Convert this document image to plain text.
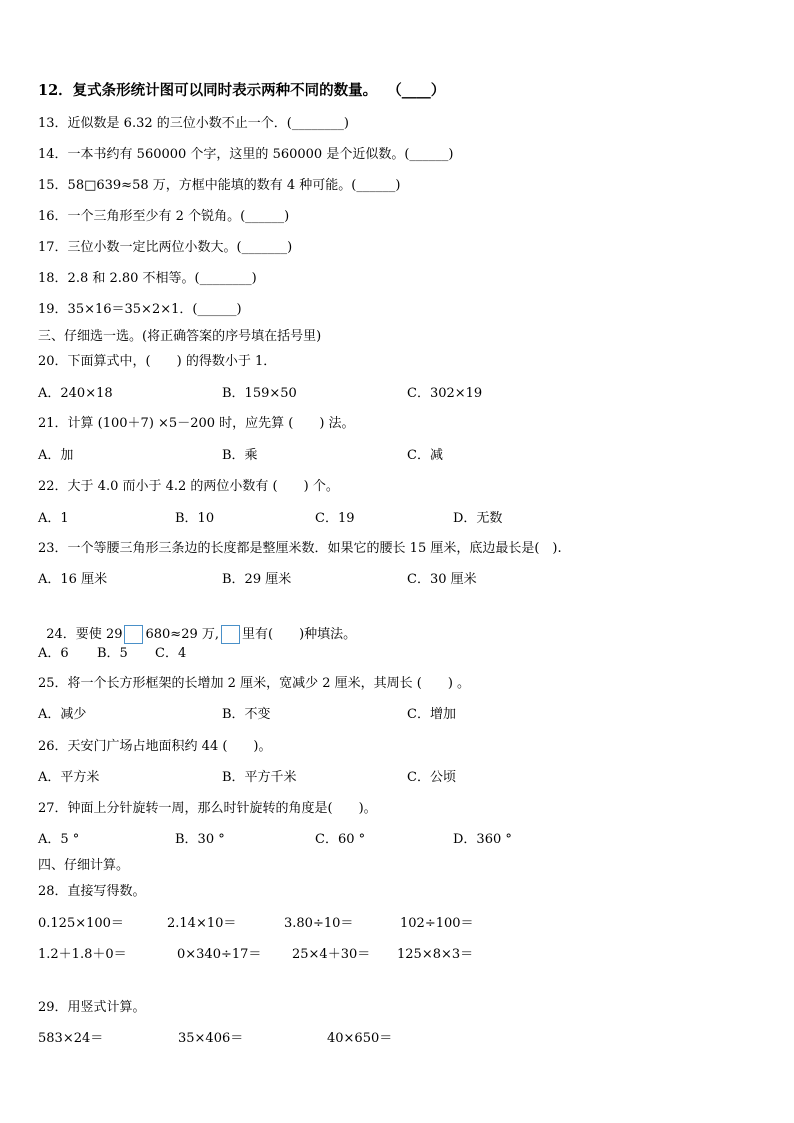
12．复式条形统计图可以同时表示两种不同的数量。  （____）
13．近似数是 6.32 的三位小数不止一个．(________)
14．一本书约有 560000 个字，这里的 560000 是个近似数。(______)
15．58□639≈58 万，方框中能填的数有 4 种可能。(______)
16．一个三角形至少有 2 个锐角。(______)
17．三位小数一定比两位小数大。(_______)
18．2.8 和 2.80 不相等。(________)
19．35×16＝35×2×1．(______)
三、仔细选一选。(将正确答案的序号填在括号里)
20．下面算式中，(　　) 的得数小于 1．
A．240×18	B．159×50	C．302×19
21．计算 (100＋7) ×5－200 时，应先算 (　　) 法。
A．加	B．乘	C．减
22．大于 4.0 而小于 4.2 的两位小数有 (　　) 个。
A．1	B．10	C．19	D．无数
23．一个等腰三角形三条边的长度都是整厘米数．如果它的腰长 15 厘米，底边最长是(　).
A．16 厘米	B．29 厘米	C．30 厘米

24．要使 29 680≈29 万, 里有(　　)种填法。

A．6 B．5 C．4
25．将一个长方形框架的长增加 2 厘米，宽减少 2 厘米，其周长 (　　) 。
A．减少	B．不变	C．增加
26．天安门广场占地面积约 44 (　　)。
A．平方米	B．平方千米	C．公顷
27．钟面上分针旋转一周，那么时针旋转的角度是(　　)。
A．5 °	B．30 °	C．60 °	D．360 °
四、仔细计算。
28．直接写得数。
0.125×100＝	2.14×10＝	3.80÷10＝	102÷100＝
1.2＋1.8＋0＝	0×340÷17＝ 25×4＋30＝ 125×8×3＝
29．用竖式计算。
583×24＝	35×406＝	40×650＝
